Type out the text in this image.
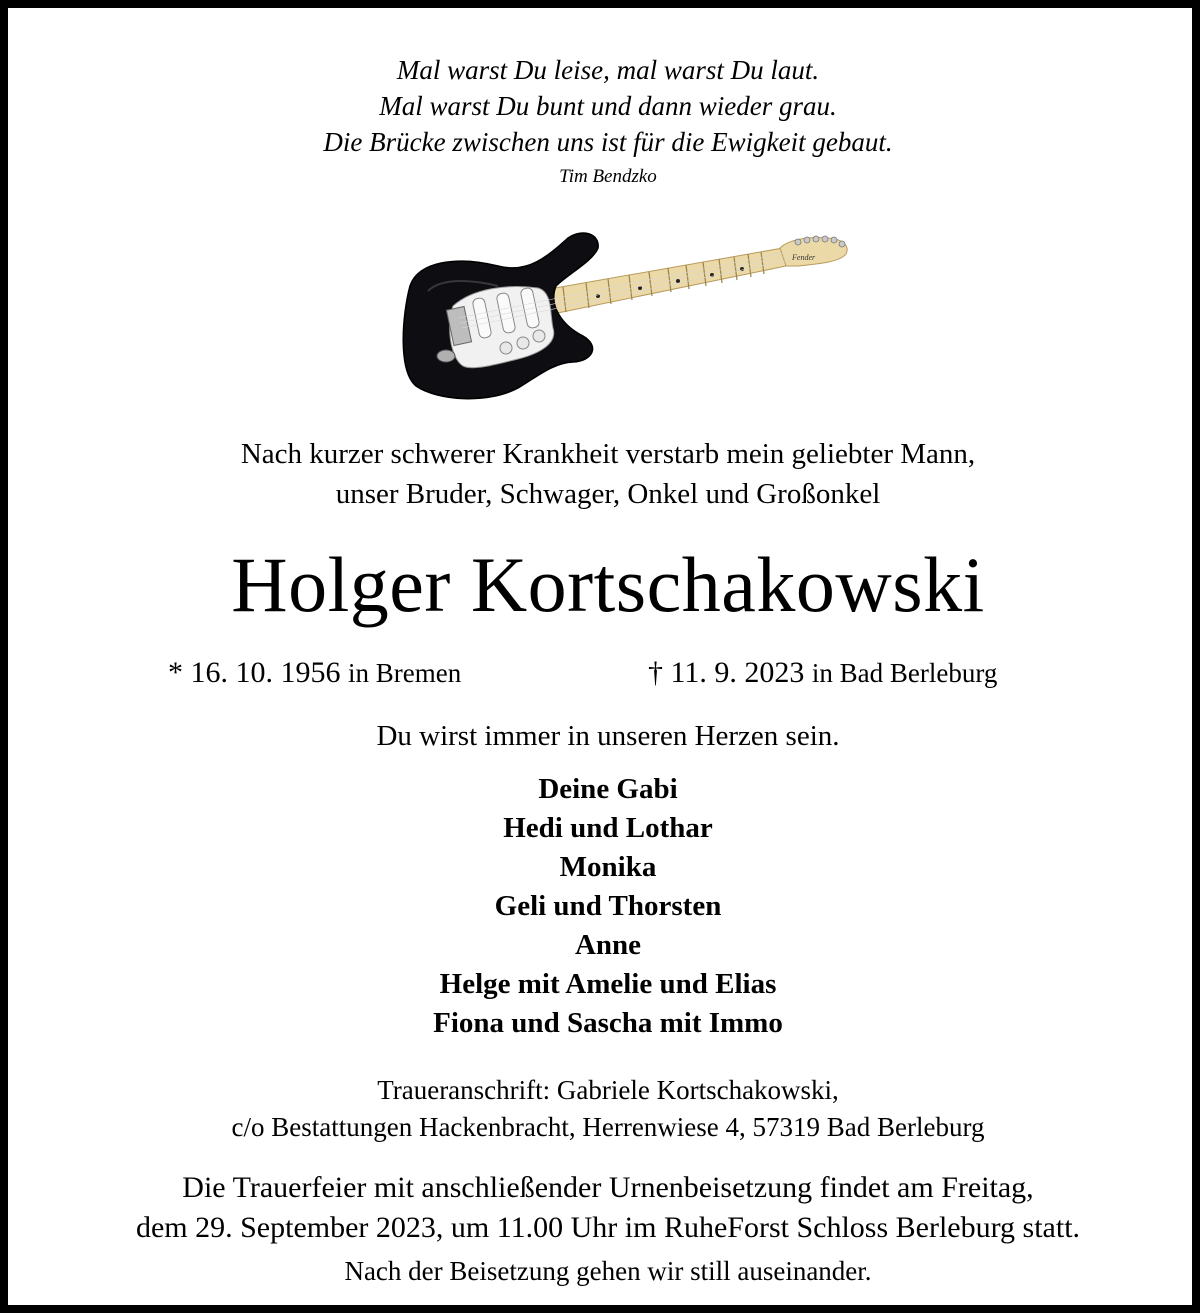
Mal warst Du leise, mal warst Du laut.
Mal warst Du bunt und dann wieder grau.
Die Brücke zwischen uns ist für die Ewigkeit gebaut.
Tim Bendzko
Fender
Nach kurzer schwerer Krankheit verstarb mein geliebter Mann,
unser Bruder, Schwager, Onkel und Großonkel
Holger Kortschakowski
* 16. 10. 1956 in Bremen	† 11. 9. 2023 in Bad Berleburg
Du wirst immer in unseren Herzen sein.
Deine Gabi
Hedi und Lothar
Monika
Geli und Thorsten
Anne
Helge mit Amelie und Elias
Fiona und Sascha mit Immo
Traueranschrift: Gabriele Kortschakowski,
c/o Bestattungen Hackenbracht, Herrenwiese 4, 57319 Bad Berleburg
Die Trauerfeier mit anschließender Urnenbeisetzung findet am Freitag,
dem 29. September 2023, um 11.00 Uhr im RuheForst Schloss Berleburg statt.
Nach der Beisetzung gehen wir still auseinander.
